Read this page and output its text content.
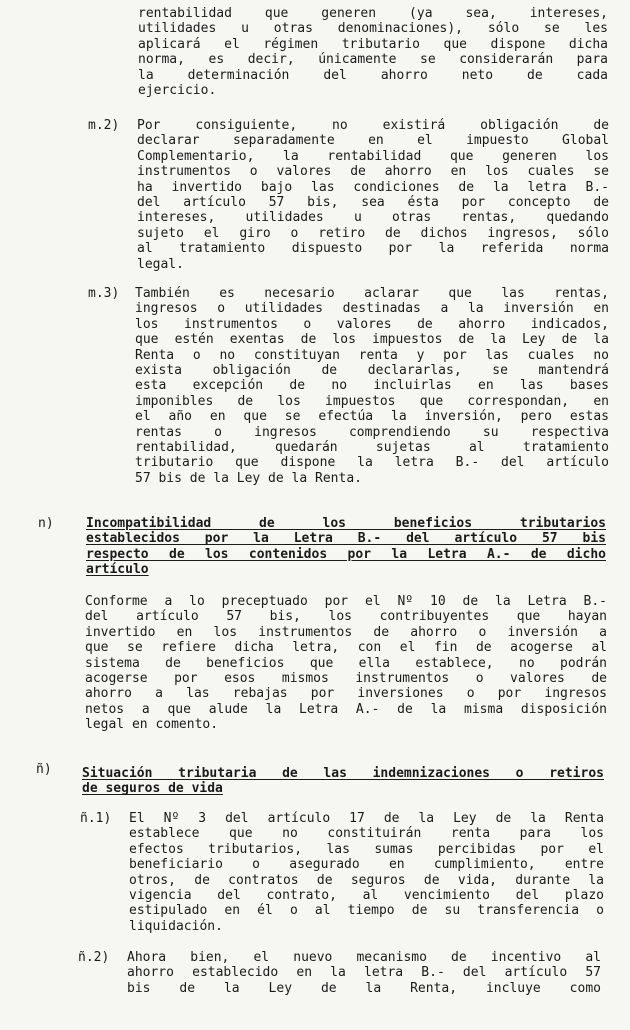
rentabilidad que generen (ya sea, intereses,
utilidades u otras denominaciones), sólo se les
aplicará el régimen tributario que dispone dicha
norma, es decir, únicamente se considerarán para
la determinación del ahorro neto de cada
ejercicio.
m.2) Por consiguiente, no existirá obligación de
declarar separadamente en el impuesto Global
Complementario, la rentabilidad que generen los
instrumentos o valores de ahorro en los cuales se
ha invertido bajo las condiciones de la letra B.-
del artículo 57 bis, sea ésta por concepto de
intereses, utilidades u otras rentas, quedando
sujeto el giro o retiro de dichos ingresos, sólo
al tratamiento dispuesto por la referida norma
legal.
m.3) También es necesario aclarar que las rentas,
ingresos o utilidades destinadas a la inversión en
los instrumentos o valores de ahorro indicados,
que estén exentas de los impuestos de la Ley de la
Renta o no constituyan renta y por las cuales no
exista obligación de declararlas, se mantendrá
esta excepción de no incluirlas en las bases
imponibles de los impuestos que correspondan, en
el año en que se efectúa la inversión, pero estas
rentas o ingresos comprendiendo su respectiva
rentabilidad, quedarán sujetas al tratamiento
tributario que dispone la letra B.- del artículo
57 bis de la Ley de la Renta.
n) Incompatibilidad de los beneficios tributarios
establecidos por la Letra B.- del artículo 57 bis
respecto de los contenidos por la Letra A.- de dicho
artículo
Conforme a lo preceptuado por el Nº 10 de la Letra B.-
del artículo 57 bis, los contribuyentes que hayan
invertido en los instrumentos de ahorro o inversión a
que se refiere dicha letra, con el fin de acogerse al
sistema de beneficios que ella establece, no podrán
acogerse por esos mismos instrumentos o valores de
ahorro a las rebajas por inversiones o por ingresos
netos a que alude la Letra A.- de la misma disposición
legal en comento.
ñ) Situación tributaria de las indemnizaciones o retiros
de seguros de vida
ñ.1) El Nº 3 del artículo 17 de la Ley de la Renta
establece que no constituirán renta para los
efectos tributarios, las sumas percibidas por el
beneficiario o asegurado en cumplimiento, entre
otros, de contratos de seguros de vida, durante la
vigencia del contrato, al vencimiento del plazo
estipulado en él o al tiempo de su transferencia o
liquidación.
ñ.2) Ahora bien, el nuevo mecanismo de incentivo al
ahorro establecido en la letra B.- del artículo 57
bis de la Ley de la Renta, incluye como
